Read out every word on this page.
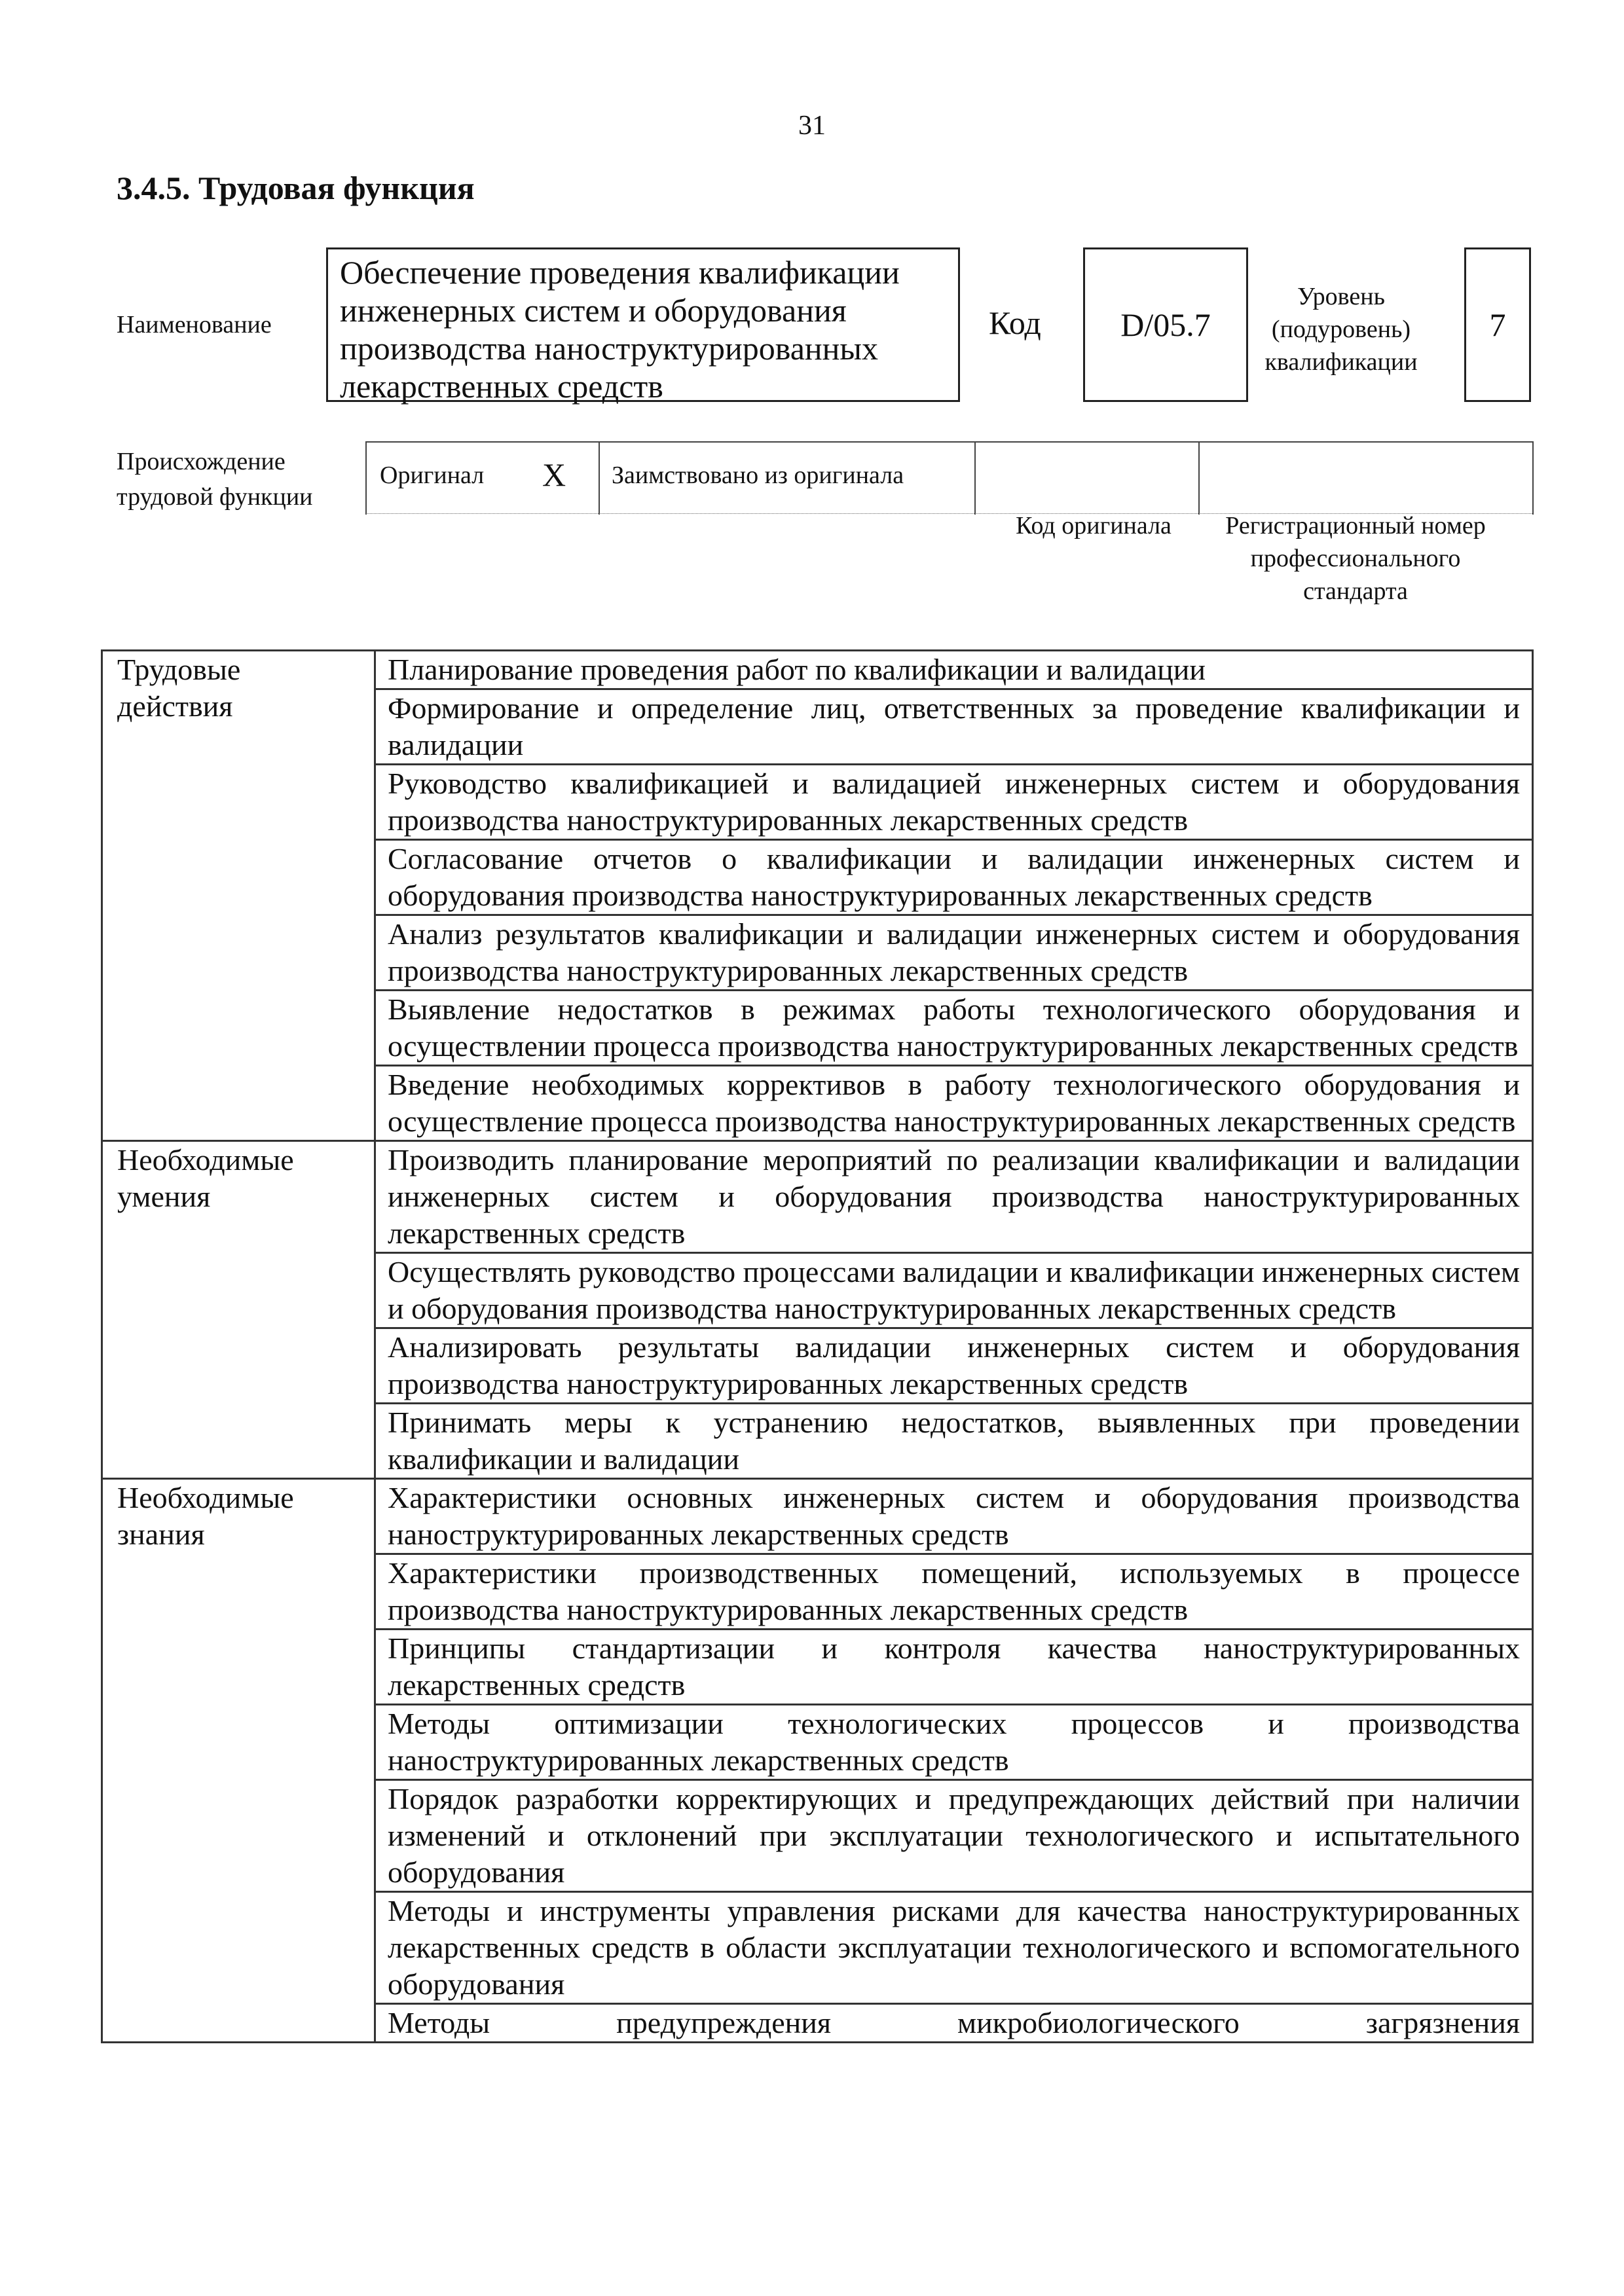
31
3.4.5. Трудовая функция
Наименование
Обеспечение проведения квалификации инженерных систем и оборудования производства наноструктурированных лекарственных средств
Код D/05.7
Уровень (подуровень) квалификации
7
Происхождение трудовой функции
Оригинал X Заимствовано из оригинала
Код оригинала	Регистрационный номер профессионального стандарта
Трудовые действия	Планирование проведения работ по квалификации и валидации
	Формирование и определение лиц, ответственных за проведение квалификации и валидации
	Руководство квалификацией и валидацией инженерных систем и оборудования производства наноструктурированных лекарственных средств
	Согласование отчетов о квалификации и валидации инженерных систем и оборудования производства наноструктурированных лекарственных средств
	Анализ результатов квалификации и валидации инженерных систем и оборудования производства наноструктурированных лекарственных средств
	Выявление недостатков в режимах работы технологического оборудования и осуществлении процесса производства наноструктурированных лекарственных средств
	Введение необходимых коррективов в работу технологического оборудования и осуществление процесса производства наноструктурированных лекарственных средств
Необходимые умения	Производить планирование мероприятий по реализации квалификации и валидации инженерных систем и оборудования производства наноструктурированных лекарственных средств
	Осуществлять руководство процессами валидации и квалификации инженерных систем и оборудования производства наноструктурированных лекарственных средств
	Анализировать результаты валидации инженерных систем и оборудования производства наноструктурированных лекарственных средств
	Принимать меры к устранению недостатков, выявленных при проведении квалификации и валидации
Необходимые знания	Характеристики основных инженерных систем и оборудования производства наноструктурированных лекарственных средств
	Характеристики производственных помещений, используемых в процессе производства наноструктурированных лекарственных средств
	Принципы стандартизации и контроля качества наноструктурированных лекарственных средств
	Методы оптимизации технологических процессов и производства наноструктурированных лекарственных средств
	Порядок разработки корректирующих и предупреждающих действий при наличии изменений и отклонений при эксплуатации технологического и испытательного оборудования
	Методы и инструменты управления рисками для качества наноструктурированных лекарственных средств в области эксплуатации технологического и вспомогательного оборудования
	Методы предупреждения микробиологического загрязнения
